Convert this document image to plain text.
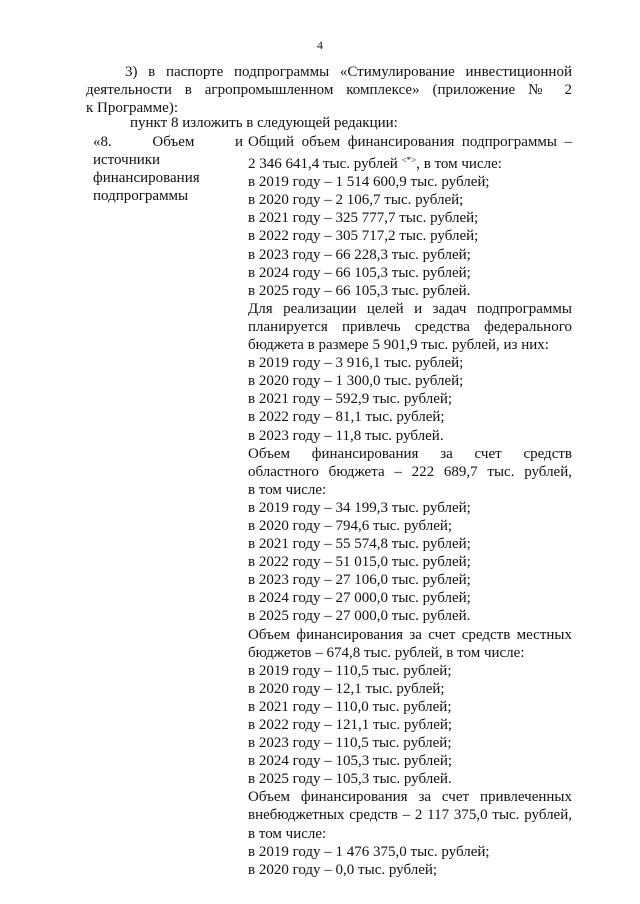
4

3) в паспорте подпрограммы «Стимулирование инвестиционной

деятельности в агропромышленном комплексе» (приложение № 2

к Программе):

пункт 8 изложить в следующей редакции:
«8.	Объем	и
источники
финансирования
подпрограммы
Общий объем финансирования подпрограммы –
2 346 641,4 тыс. рублей <*>, в том числе:
в 2019 году – 1 514 600,9 тыс. рублей;
в 2020 году – 2 106,7 тыс. рублей;
в 2021 году – 325 777,7 тыс. рублей;
в 2022 году – 305 717,2 тыс. рублей;
в 2023 году – 66 228,3 тыс. рублей;
в 2024 году – 66 105,3 тыс. рублей;
в 2025 году – 66 105,3 тыс. рублей.
Для реализации целей и задач подпрограммы
планируется привлечь средства федерального
бюджета в размере 5 901,9 тыс. рублей, из них:
в 2019 году – 3 916,1 тыс. рублей;
в 2020 году – 1 300,0 тыс. рублей;
в 2021 году – 592,9 тыс. рублей;
в 2022 году – 81,1 тыс. рублей;
в 2023 году – 11,8 тыс. рублей.
Объем финансирования за счет средств
областного бюджета – 222 689,7 тыс. рублей,
в том числе:
в 2019 году – 34 199,3 тыс. рублей;
в 2020 году – 794,6 тыс. рублей;
в 2021 году – 55 574,8 тыс. рублей;
в 2022 году – 51 015,0 тыс. рублей;
в 2023 году – 27 106,0 тыс. рублей;
в 2024 году – 27 000,0 тыс. рублей;
в 2025 году – 27 000,0 тыс. рублей.
Объем финансирования за счет средств местных
бюджетов – 674,8 тыс. рублей, в том числе:
в 2019 году – 110,5 тыс. рублей;
в 2020 году – 12,1 тыс. рублей;
в 2021 году – 110,0 тыс. рублей;
в 2022 году – 121,1 тыс. рублей;
в 2023 году – 110,5 тыс. рублей;
в 2024 году – 105,3 тыс. рублей;
в 2025 году – 105,3 тыс. рублей.
Объем финансирования за счет привлеченных
внебюджетных средств – 2 117 375,0 тыс. рублей,
в том числе:
в 2019 году – 1 476 375,0 тыс. рублей;
в 2020 году – 0,0 тыс. рублей;
